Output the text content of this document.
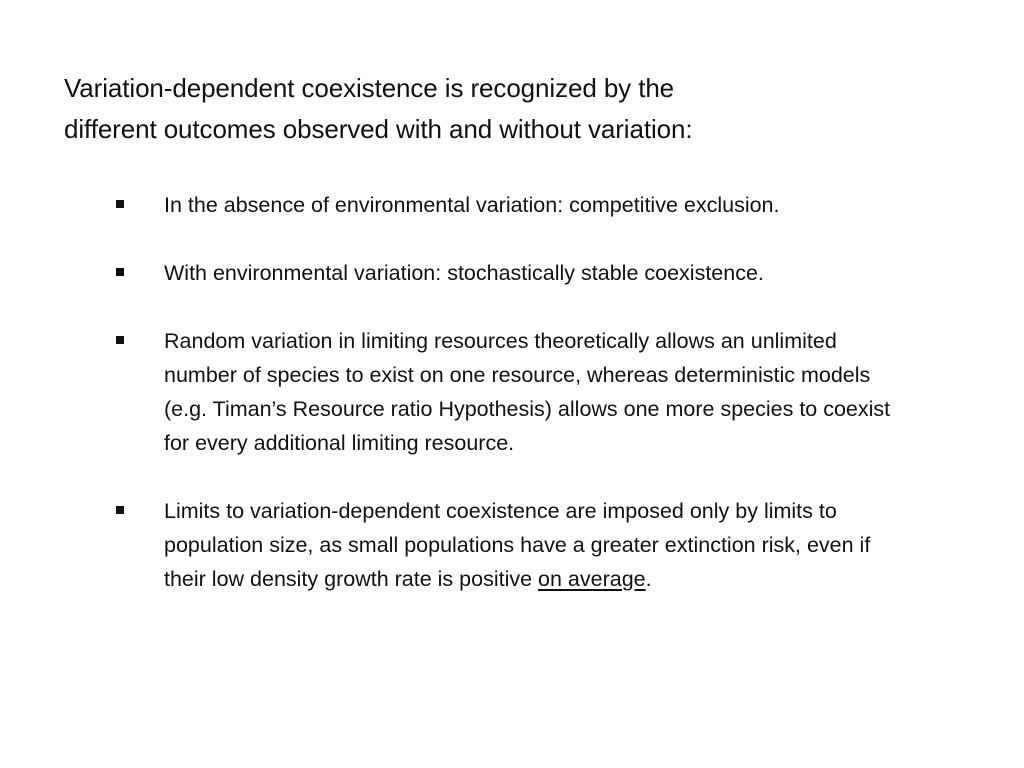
Variation-dependent coexistence is recognized by the
different outcomes observed with and without variation:

In the absence of environmental variation: competitive exclusion.
With environmental variation: stochastically stable coexistence.
Random variation in limiting resources theoretically allows an unlimited number of species to exist on one resource, whereas deterministic models (e.g. Timan’s Resource ratio Hypothesis) allows one more species to coexist for every additional limiting resource.
Limits to variation-dependent coexistence are imposed only by limits to population size, as small populations have a greater extinction risk, even if their low density growth rate is positive on average.
